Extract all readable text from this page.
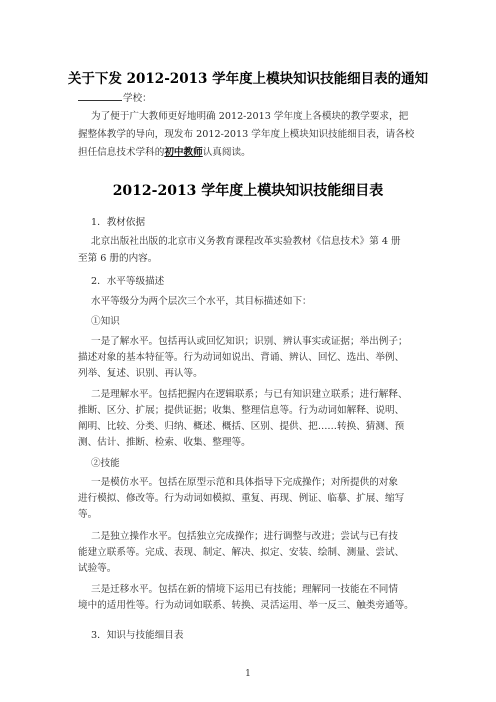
关于下发 2012-2013 学年度上模块知识技能细目表的通知
学校：
为了便于广大教师更好地明确 2012-2013 学年度上各模块的教学要求，把
握整体教学的导向，现发布 2012-2013 学年度上模块知识技能细目表，请各校
担任信息技术学科的初中教师认真阅读。
2012-2013 学年度上模块知识技能细目表
1．教材依据
北京出版社出版的北京市义务教育课程改革实验教材《信息技术》第 4 册
至第 6 册的内容。
2．水平等级描述
水平等级分为两个层次三个水平，其目标描述如下：
①知识
一是了解水平。包括再认或回忆知识；识别、辨认事实或证据；举出例子；
描述对象的基本特征等。行为动词如说出、背诵、辨认、回忆、选出、举例、
列举、复述、识别、再认等。
二是理解水平。包括把握内在逻辑联系；与已有知识建立联系；进行解释、
推断、区分、扩展；提供证据；收集、整理信息等。行为动词如解释、说明、
阐明、比较、分类、归纳、概述、概括、区别、提供、把……转换、猜测、预
测、估计、推断、检索、收集、整理等。
②技能
一是模仿水平。包括在原型示范和具体指导下完成操作；对所提供的对象
进行模拟、修改等。行为动词如模拟、重复、再现、例证、临摹、扩展、缩写
等。
二是独立操作水平。包括独立完成操作；进行调整与改进；尝试与已有技
能建立联系等。完成、表现、制定、解决、拟定、安装、绘制、测量、尝试、
试验等。
三是迁移水平。包括在新的情境下运用已有技能；理解同一技能在不同情
境中的适用性等。行为动词如联系、转换、灵活运用、举一反三、触类旁通等。
3．知识与技能细目表
1
